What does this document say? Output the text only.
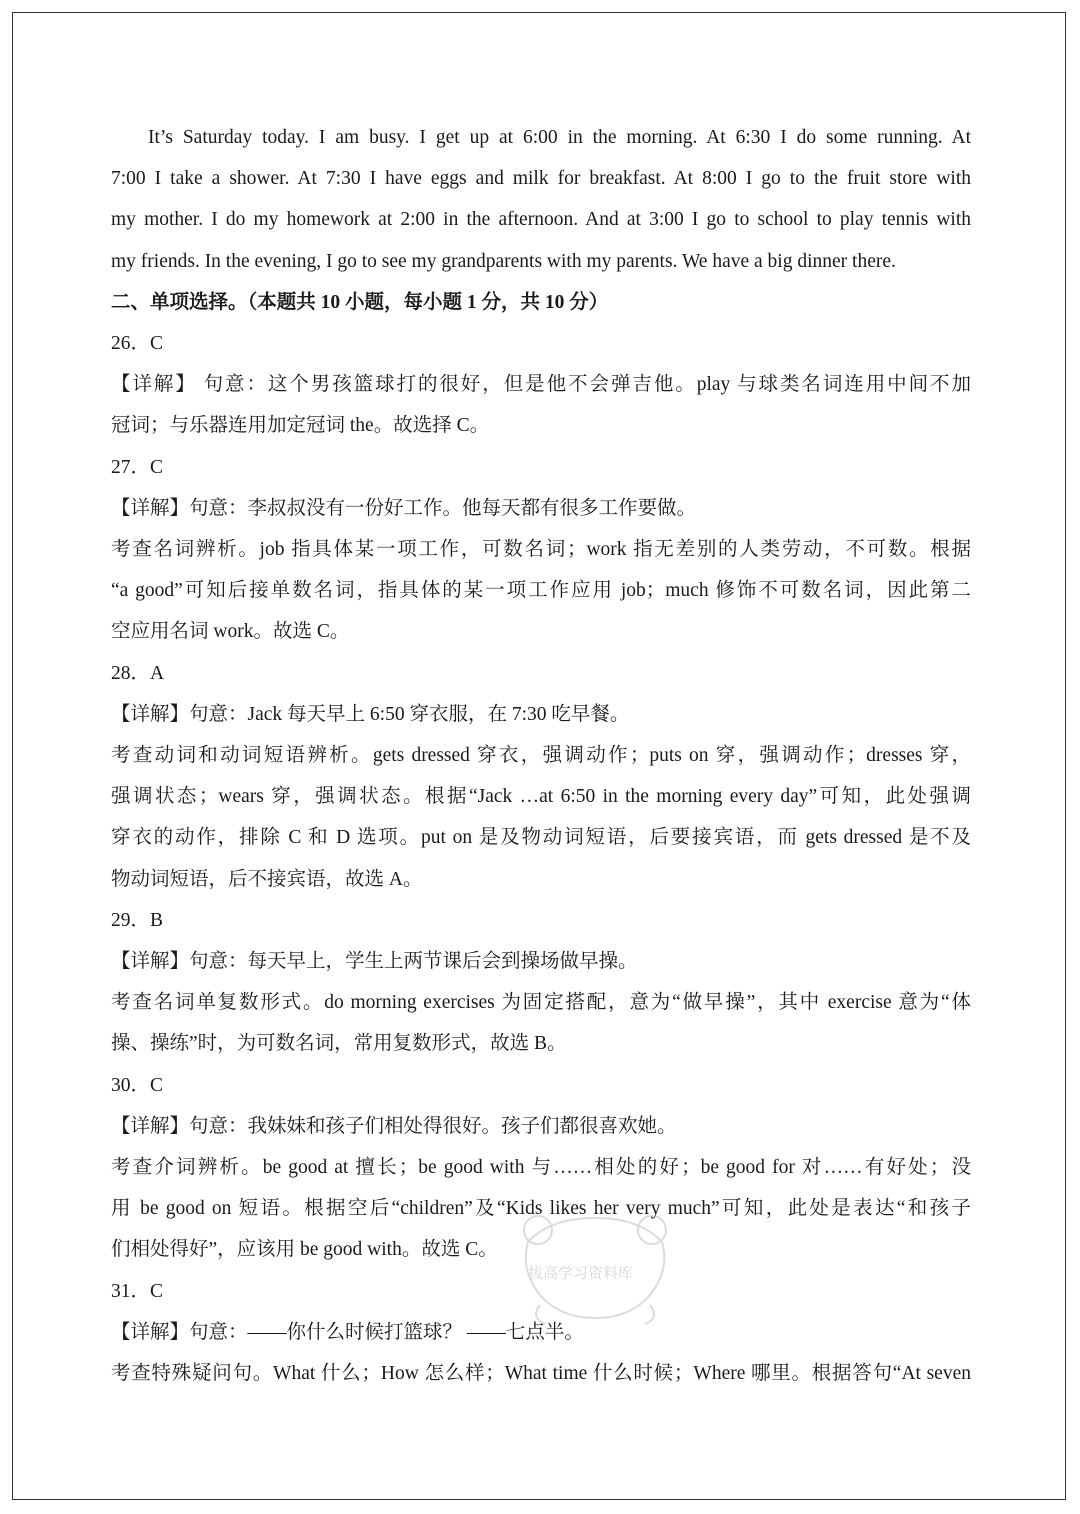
It’s Saturday today. I am busy. I get up at 6:00 in the morning. At 6:30 I do some running. At
7:00 I take a shower. At 7:30 I have eggs and milk for breakfast. At 8:00 I go to the fruit store with
my mother. I do my homework at 2:00 in the afternoon. And at 3:00 I go to school to play tennis with
my friends. In the evening, I go to see my grandparents with my parents. We have a big dinner there.
二、单项选择。（本题共 10 小题，每小题 1 分，共 10 分）
26．C
【详解】 句意：这个男孩篮球打的很好，但是他不会弹吉他。play 与球类名词连用中间不加
冠词；与乐器连用加定冠词 the。故选择 C。
27．C
【详解】句意：李叔叔没有一份好工作。他每天都有很多工作要做。
考查名词辨析。job 指具体某一项工作，可数名词；work 指无差别的人类劳动，不可数。根据
“a good”可知后接单数名词，指具体的某一项工作应用 job；much 修饰不可数名词，因此第二
空应用名词 work。故选 C。
28．A
【详解】句意：Jack 每天早上 6:50 穿衣服，在 7:30 吃早餐。
考查动词和动词短语辨析。gets dressed 穿衣，强调动作；puts on 穿，强调动作；dresses 穿，
强调状态；wears 穿，强调状态。根据“Jack …at 6:50 in the morning every day”可知，此处强调
穿衣的动作，排除 C 和 D 选项。put on 是及物动词短语，后要接宾语，而 gets dressed 是不及
物动词短语，后不接宾语，故选 A。
29．B
【详解】句意：每天早上，学生上两节课后会到操场做早操。
考查名词单复数形式。do morning exercises 为固定搭配，意为“做早操”，其中 exercise 意为“体
操、操练”时，为可数名词，常用复数形式，故选 B。
30．C
【详解】句意：我妹妹和孩子们相处得很好。孩子们都很喜欢她。
考查介词辨析。be good at 擅长；be good with 与……相处的好；be good for 对……有好处；没
用 be good on 短语。根据空后“children”及“Kids likes her very much”可知，此处是表达“和孩子
们相处得好”，应该用 be good with。故选 C。
31．C
【详解】句意：——你什么时候打篮球？ ——七点半。
考查特殊疑问句。What 什么；How 怎么样；What time 什么时候；Where 哪里。根据答句“At seven
拔高学习资料库
